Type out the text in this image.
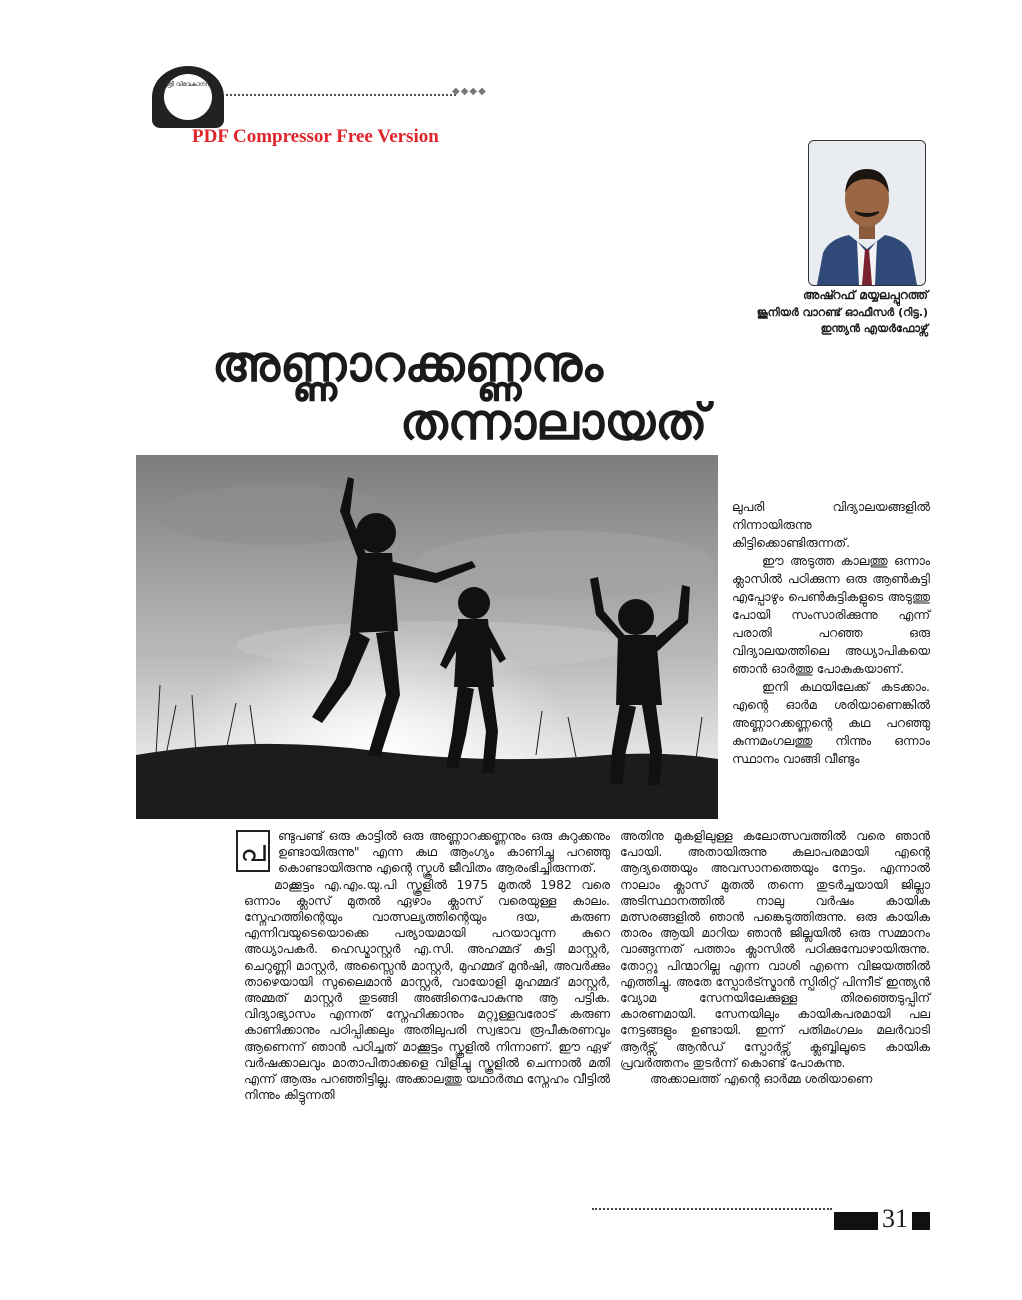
ശ്രീ വിവേകാനന്ദ
◆◆◆◆
PDF Compressor Free Version
അഷ്റഫ് മയ്യലപ്പുറത്ത്
ജൂനിയർ വാറണ്ട് ഓഫീസർ (റിട്ട.)
ഇന്ത്യൻ എയർഫോഴ്സ്
അണ്ണാറക്കണ്ണനും
തന്നാലായത്

ലുപരി വിദ്യാലയങ്ങളിൽ നിന്നായിരുന്നു കിട്ടിക്കൊണ്ടിരുന്നത്.

ഈ അടുത്ത കാലത്തു ഒന്നാം ക്ലാസിൽ പഠിക്കുന്ന ഒരു ആൺകുട്ടി എപ്പോഴും പെൺകുട്ടികളുടെ അടുത്തു പോയി സംസാരിക്കുന്നു എന്ന് പരാതി പറഞ്ഞ ഒരു വിദ്യാലയത്തിലെ അധ്യാപികയെ ഞാൻ ഓർത്തു പോകുകയാണ്.

ഇനി കഥയിലേക്ക് കടക്കാം. എന്റെ ഓർമ ശരിയാണെങ്കിൽ അണ്ണാറക്കണ്ണന്റെ കഥ പറഞ്ഞു കുന്നമംഗലത്തു നിന്നും ഒന്നാം സ്ഥാനം വാങ്ങി വീണ്ടും

പ ണ്ടുപണ്ട് ഒരു കാട്ടിൽ ഒരു അണ്ണാറക്കണ്ണനും ഒരു കുറുക്കനും ഉണ്ടായിരുന്നു" എന്ന കഥ ആംഗ്യം കാണിച്ചു പറഞ്ഞു കൊണ്ടായിരുന്നു എന്റെ സ്കൂൾ ജീവിതം ആരംഭിച്ചിരുന്നത്.

മാക്കൂട്ടം എ.എം.യു.പി സ്കൂളിൽ 1975 മുതൽ 1982 വരെ ഒന്നാം ക്ലാസ് മുതൽ ഏഴാം ക്ലാസ് വരെയുള്ള കാലം. സ്നേഹത്തിന്റെയും വാത്സല്യത്തിന്റെയും ദയ, കരുണ എന്നിവയുടെയൊക്കെ പര്യായമായി പറയാവുന്ന കുറെ അധ്യാപകർ. ഹെഡ്മാസ്റ്റർ എ.സി. അഹമ്മദ് കുട്ടി മാസ്റ്റർ, ചെറുണ്ണി മാസ്റ്റർ, അസ്സൈൻ മാസ്റ്റർ, മുഹമ്മദ് മുൻഷി, അവർക്കും താഴെയായി സുലൈമാൻ മാസ്റ്റർ, വായോളി മുഹമ്മദ് മാസ്റ്റർ, അമ്മത് മാസ്റ്റർ തുടങ്ങി അങ്ങിനെപോകുന്നു ആ പട്ടിക. വിദ്യാഭ്യാസം എന്നത് സ്നേഹിക്കാനും മറ്റുള്ളവരോട് കരുണ കാണിക്കാനും പഠിപ്പിക്കലും അതിലുപരി സ്വഭാവ രൂപീകരണവും ആണെന്ന് ഞാൻ പഠിച്ചത് മാക്കൂട്ടം സ്കൂളിൽ നിന്നാണ്. ഈ ഏഴ് വർഷക്കാലവും മാതാപിതാക്കളെ വിളിച്ചു സ്കൂളിൽ ചെന്നാൽ മതി എന്ന് ആരും പറഞ്ഞിട്ടില്ല. അക്കാലത്തു യഥാർത്ഥ സ്നേഹം വീട്ടിൽ നിന്നും കിട്ടുന്നതി

അതിനു മുകളിലുള്ള കലോത്സവത്തിൽ വരെ ഞാൻ പോയി. അതായിരുന്നു കലാപരമായി എന്റെ ആദ്യത്തെയും അവസാനത്തെയും നേട്ടം. എന്നാൽ നാലാം ക്ലാസ് മുതൽ തന്നെ തുടർച്ചയായി ജില്ലാ അടിസ്ഥാനത്തിൽ നാലു വർഷം കായിക മത്സരങ്ങളിൽ ഞാൻ പങ്കെടുത്തിരുന്നു. ഒരു കായിക താരം ആയി മാറിയ ഞാൻ ജില്ലയിൽ ഒരു സമ്മാനം വാങ്ങുന്നത് പത്താം ക്ലാസിൽ പഠിക്കുമ്പോഴായിരുന്നു. തോറ്റു പിന്മാറില്ല എന്ന വാശി എന്നെ വിജയത്തിൽ എത്തിച്ചു. അതേ സ്പോർട്സ്മാൻ സ്പിരിറ്റ് പിന്നീട് ഇന്ത്യൻ വ്യോമ സേനയിലേക്കുള്ള തിരഞ്ഞെടുപ്പിന് കാരണമായി. സേനയിലും കായികപരമായി പല നേട്ടങ്ങളും ഉണ്ടായി. ഇന്ന് പതിമംഗലം മലർവാടി ആർട്സ് ആൻഡ് സ്പോർട്സ് ക്ലബ്ബിലൂടെ കായിക പ്രവർത്തനം തുടർന്ന് കൊണ്ട് പോകുന്നു.

അക്കാലത്ത് എന്റെ ഓർമ്മ ശരിയാണെ

31
